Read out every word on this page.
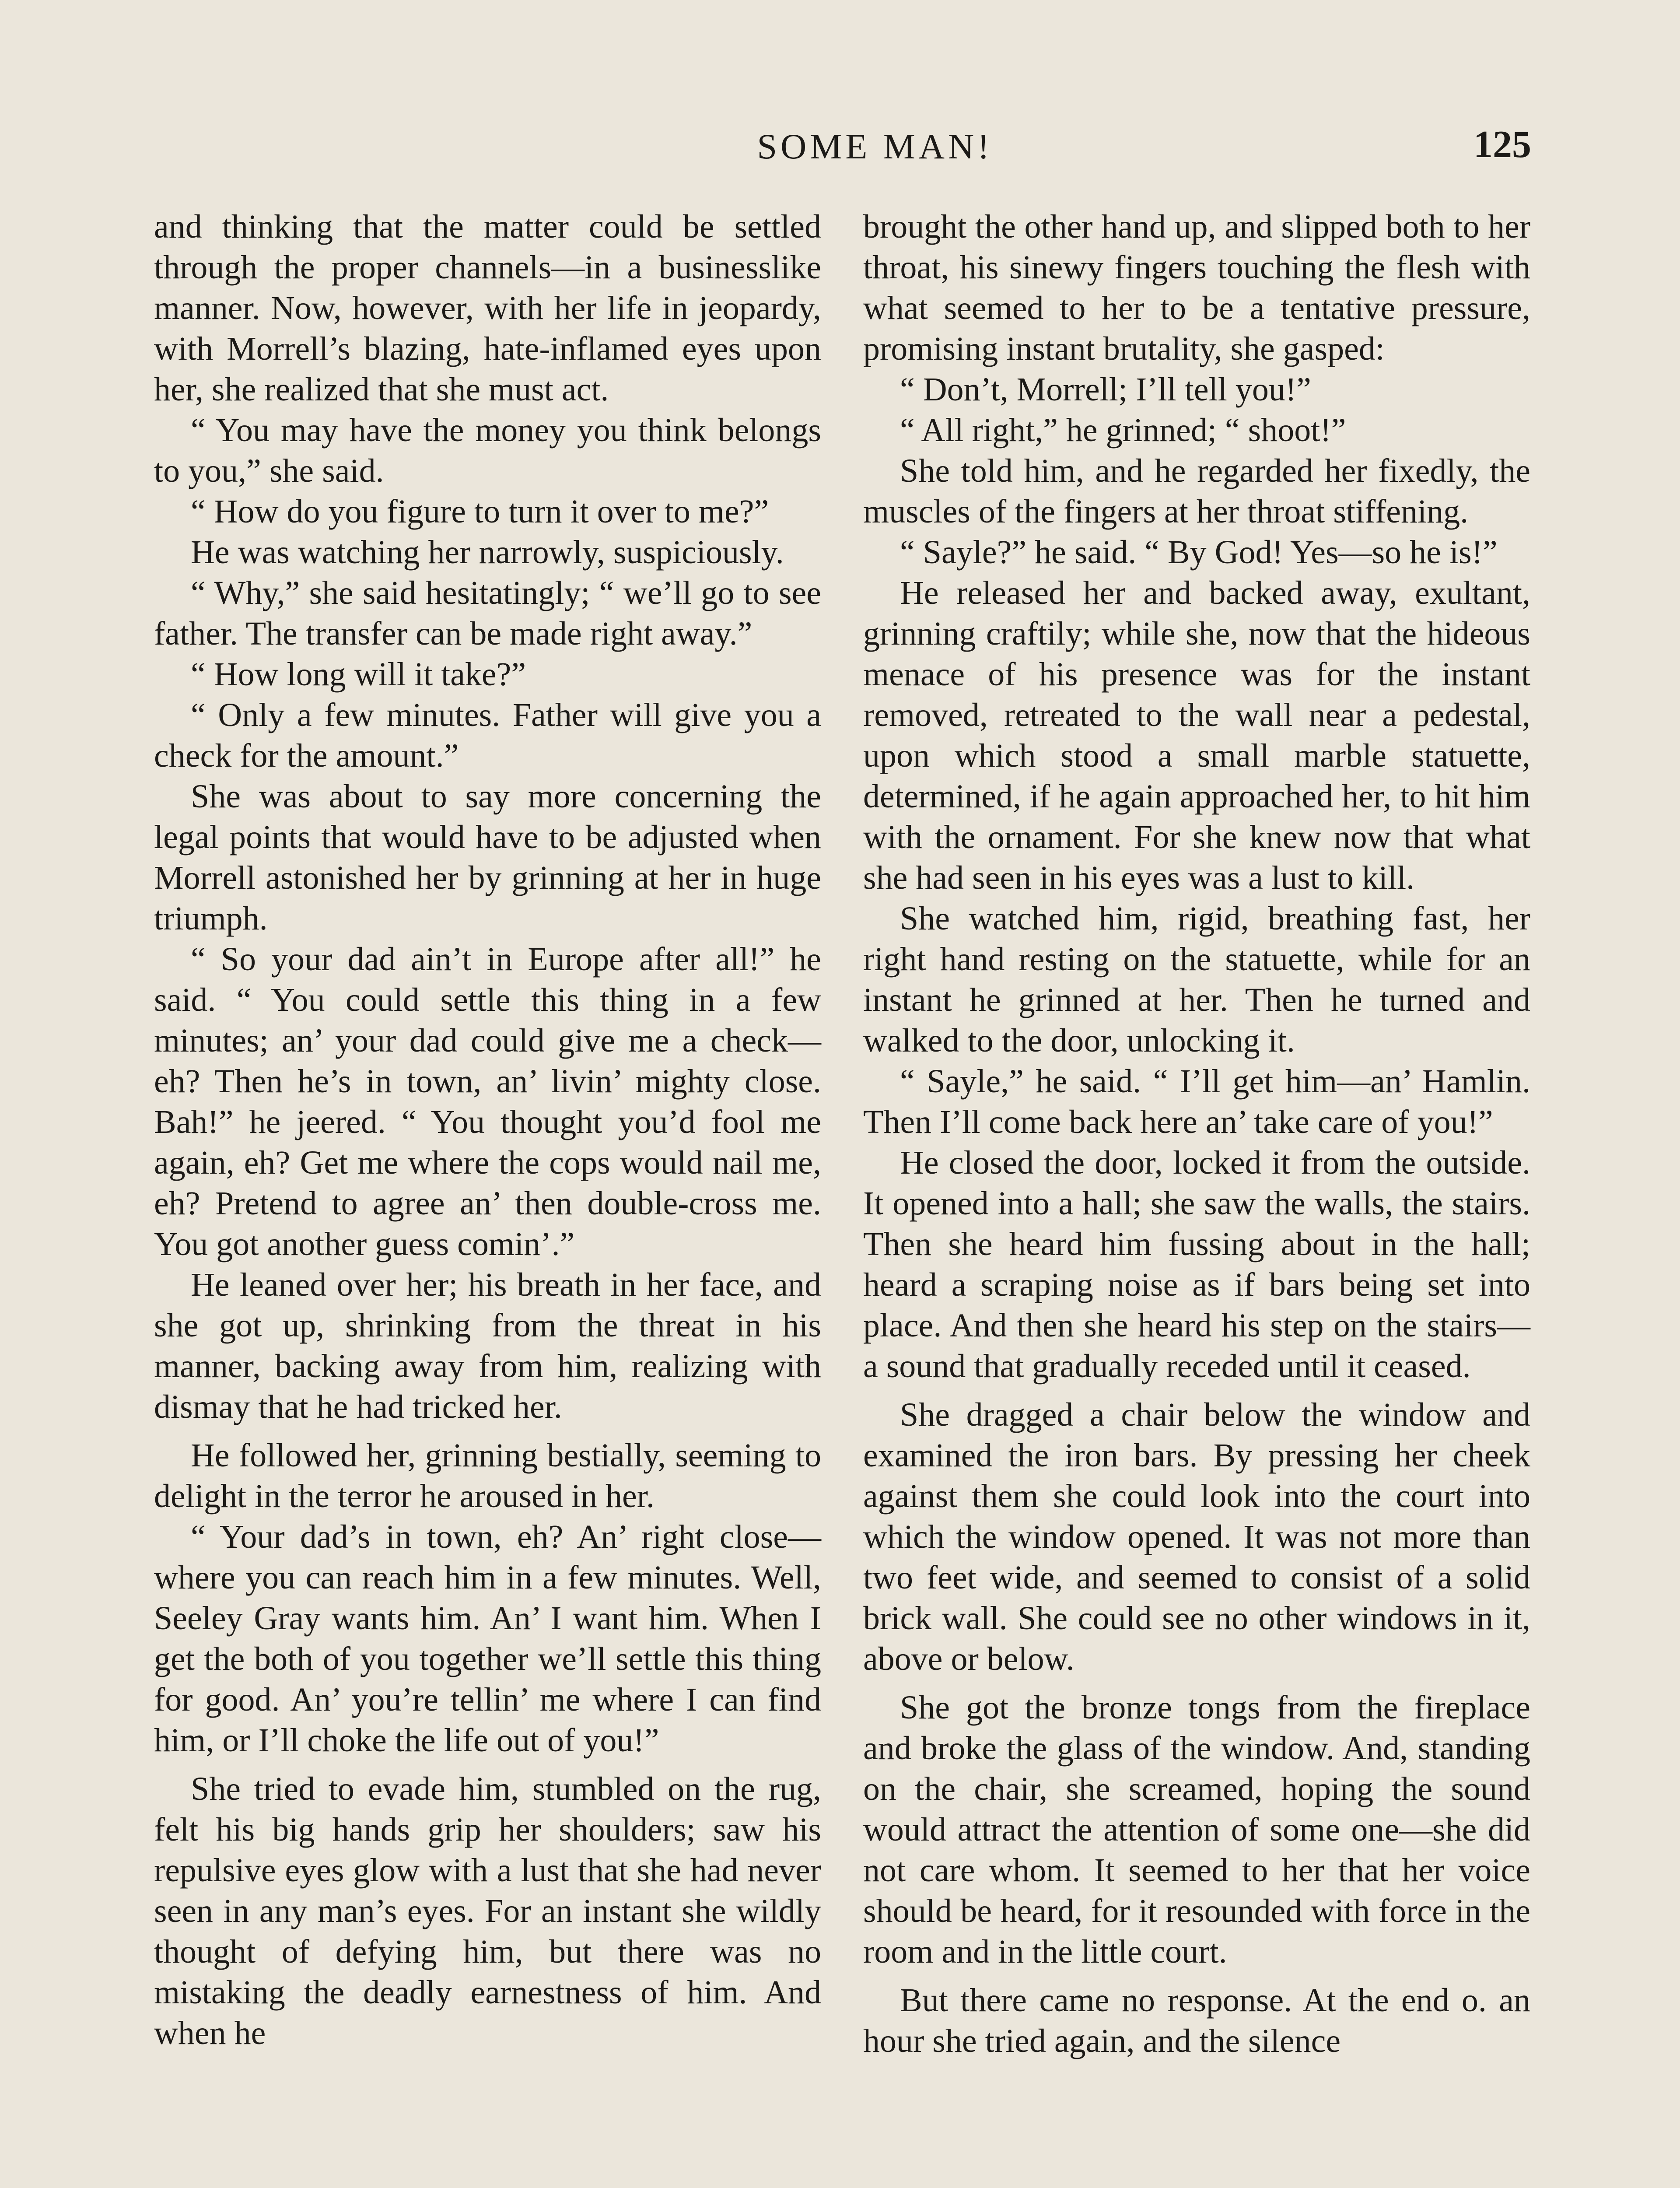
SOME MAN!	125

and thinking that the matter could be settled through the proper channels—in a businesslike manner. Now, however, with her life in jeopardy, with Morrell’s blazing, hate-inflamed eyes upon her, she realized that she must act.

“ You may have the money you think belongs to you,” she said.

“ How do you figure to turn it over to me?”

He was watching her narrowly, suspiciously.

“ Why,” she said hesitatingly; “ we’ll go to see father. The transfer can be made right away.”

“ How long will it take?”

“ Only a few minutes. Father will give you a check for the amount.”

She was about to say more concerning the legal points that would have to be adjusted when Morrell astonished her by grinning at her in huge triumph.

“ So your dad ain’t in Europe after all!” he said. “ You could settle this thing in a few minutes; an’ your dad could give me a check—eh? Then he’s in town, an’ livin’ mighty close. Bah!” he jeered. “ You thought you’d fool me again, eh? Get me where the cops would nail me, eh? Pretend to agree an’ then double-cross me. You got another guess comin’.”

He leaned over her; his breath in her face, and she got up, shrinking from the threat in his manner, backing away from him, realizing with dismay that he had tricked her.

He followed her, grinning bestially, seeming to delight in the terror he aroused in her.

“ Your dad’s in town, eh? An’ right close—where you can reach him in a few minutes. Well, Seeley Gray wants him. An’ I want him. When I get the both of you together we’ll settle this thing for good. An’ you’re tellin’ me where I can find him, or I’ll choke the life out of you!”

She tried to evade him, stumbled on the rug, felt his big hands grip her shoulders; saw his repulsive eyes glow with a lust that she had never seen in any man’s eyes. For an instant she wildly thought of defying him, but there was no mistaking the deadly earnestness of him. And when he

brought the other hand up, and slipped both to her throat, his sinewy fingers touching the flesh with what seemed to her to be a tentative pressure, promising instant brutality, she gasped:

“ Don’t, Morrell; I’ll tell you!”

“ All right,” he grinned; “ shoot!”

She told him, and he regarded her fixedly, the muscles of the fingers at her throat stiffening.

“ Sayle?” he said. “ By God! Yes—so he is!”

He released her and backed away, exultant, grinning craftily; while she, now that the hideous menace of his presence was for the instant removed, retreated to the wall near a pedestal, upon which stood a small marble statuette, determined, if he again approached her, to hit him with the ornament. For she knew now that what she had seen in his eyes was a lust to kill.

She watched him, rigid, breathing fast, her right hand resting on the statuette, while for an instant he grinned at her. Then he turned and walked to the door, unlocking it.

“ Sayle,” he said. “ I’ll get him—an’ Hamlin. Then I’ll come back here an’ take care of you!”

He closed the door, locked it from the outside. It opened into a hall; she saw the walls, the stairs. Then she heard him fussing about in the hall; heard a scraping noise as if bars being set into place. And then she heard his step on the stairs—a sound that gradually receded until it ceased.

She dragged a chair below the window and examined the iron bars. By pressing her cheek against them she could look into the court into which the window opened. It was not more than two feet wide, and seemed to consist of a solid brick wall. She could see no other windows in it, above or below.

She got the bronze tongs from the fireplace and broke the glass of the window. And, standing on the chair, she screamed, hoping the sound would attract the attention of some one—she did not care whom. It seemed to her that her voice should be heard, for it resounded with force in the room and in the little court.

But there came no response. At the end o. an hour she tried again, and the silence
